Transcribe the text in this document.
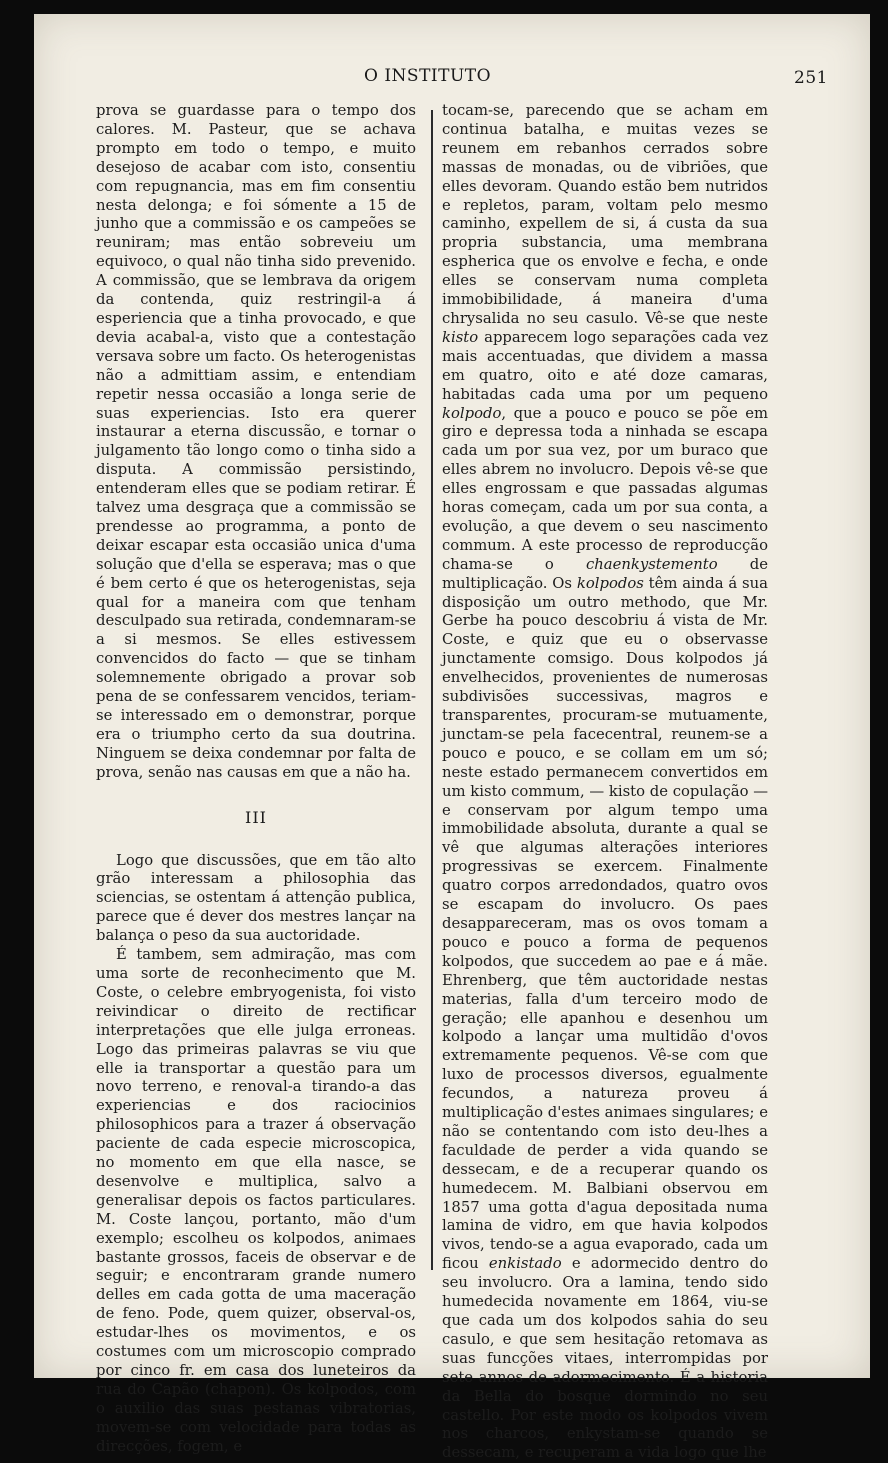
O INSTITUTO	251

prova se guardasse para o tempo dos calores. M. Pasteur, que se achava prompto em todo o tempo, e muito desejoso de acabar com isto, consentiu com repugnancia, mas em fim consentiu nesta delonga; e foi sómente a 15 de junho que a commissão e os campeões se reuniram; mas então sobreveiu um equivoco, o qual não tinha sido prevenido. A commissão, que se lembrava da origem da contenda, quiz restringil-a á esperiencia que a tinha provocado, e que devia acabal-a, visto que a contestação versava sobre um facto. Os heterogenistas não a admittiam assim, e entendiam repetir nessa occasião a longa serie de suas experiencias. Isto era querer instaurar a eterna discussão, e tornar o julgamento tão longo como o tinha sido a disputa. A commissão persistindo, entenderam elles que se podiam retirar. É talvez uma desgraça que a commissão se prendesse ao programma, a ponto de deixar escapar esta occasião unica d'uma solução que d'ella se esperava; mas o que é bem certo é que os heterogenistas, seja qual for a maneira com que tenham desculpado sua retirada, condemnaram-se a si mesmos. Se elles estivessem convencidos do facto — que se tinham solemnemente obrigado a provar sob pena de se confessarem vencidos, teriam-se interessado em o demonstrar, porque era o triumpho certo da sua doutrina. Ninguem se deixa condemnar por falta de prova, senão nas causas em que a não ha.

III

Logo que discussões, que em tão alto grão interessam a philosophia das sciencias, se ostentam á attenção publica, parece que é dever dos mestres lançar na balança o peso da sua auctoridade.

É tambem, sem admiração, mas com uma sorte de reconhecimento que M. Coste, o celebre embryogenista, foi visto reivindicar o direito de rectificar interpretações que elle julga erroneas. Logo das primeiras palavras se viu que elle ia transportar a questão para um novo terreno, e renoval-a tirando-a das experiencias e dos raciocinios philosophicos para a trazer á observação paciente de cada especie microscopica, no momento em que ella nasce, se desenvolve e multiplica, salvo a generalisar depois os factos particulares. M. Coste lançou, portanto, mão d'um exemplo; escolheu os kolpodos, animaes bastante grossos, faceis de observar e de seguir; e encontraram grande numero delles em cada gotta de uma maceração de feno. Pode, quem quizer, observal-os, estudar-lhes os movimentos, e os costumes com um microscopio comprado por cinco fr. em casa dos luneteiros da rua do Capão (chapon). Os kolpodos, com o auxilio das suas pestanas vibratorias, movem-se com velocidade para todas as direcções, fogem, e

tocam-se, parecendo que se acham em continua batalha, e muitas vezes se reunem em rebanhos cerrados sobre massas de monadas, ou de vibriões, que elles devoram. Quando estão bem nutridos e repletos, param, voltam pelo mesmo caminho, expellem de si, á custa da sua propria substancia, uma membrana espherica que os envolve e fecha, e onde elles se conservam numa completa immobibilidade, á maneira d'uma chrysalida no seu casulo. Vê-se que neste kisto apparecem logo separações cada vez mais accentuadas, que dividem a massa em quatro, oito e até doze camaras, habitadas cada uma por um pequeno kolpodo, que a pouco e pouco se põe em giro e depressa toda a ninhada se escapa cada um por sua vez, por um buraco que elles abrem no involucro. Depois vê-se que elles engrossam e que passadas algumas horas começam, cada um por sua conta, a evolução, a que devem o seu nascimento commum. A este processo de reproducção chama-se o chaenkystemento de multiplicação. Os kolpodos têm ainda á sua disposição um outro methodo, que Mr. Gerbe ha pouco descobriu á vista de Mr. Coste, e quiz que eu o observasse junctamente comsigo. Dous kolpodos já envelhecidos, provenientes de numerosas subdivisões successivas, magros e transparentes, procuram-se mutuamente, junctam-se pela facecentral, reunem-se a pouco e pouco, e se collam em um só; neste estado permanecem convertidos em um kisto commum, — kisto de copulação — e conservam por algum tempo uma immobilidade absoluta, durante a qual se vê que algumas alterações interiores progressivas se exercem. Finalmente quatro corpos arredondados, quatro ovos se escapam do involucro. Os paes desappareceram, mas os ovos tomam a pouco e pouco a forma de pequenos kolpodos, que succedem ao pae e á mãe. Ehrenberg, que têm auctoridade nestas materias, falla d'um terceiro modo de geração; elle apanhou e desenhou um kolpodo a lançar uma multidão d'ovos extremamente pequenos. Vê-se com que luxo de processos diversos, egualmente fecundos, a natureza proveu á multiplicação d'estes animaes singulares; e não se contentando com isto deu-lhes a faculdade de perder a vida quando se dessecam, e de a recuperar quando os humedecem. M. Balbiani observou em 1857 uma gotta d'agua depositada numa lamina de vidro, em que havia kolpodos vivos, tendo-se a agua evaporado, cada um ficou enkistado e adormecido dentro do seu involucro. Ora a lamina, tendo sido humedecida novamente em 1864, viu-se que cada um dos kolpodos sahia do seu casulo, e que sem hesitação retomava as suas funcções vitaes, interrompidas por sete annos de adormecimento. É a historia da Bella do bosque dormindo no seu castello. Por este modo os kolpodos vivem nos charcos, enkystam-se quando se dessecam, e recuperam a vida logo que lhe
